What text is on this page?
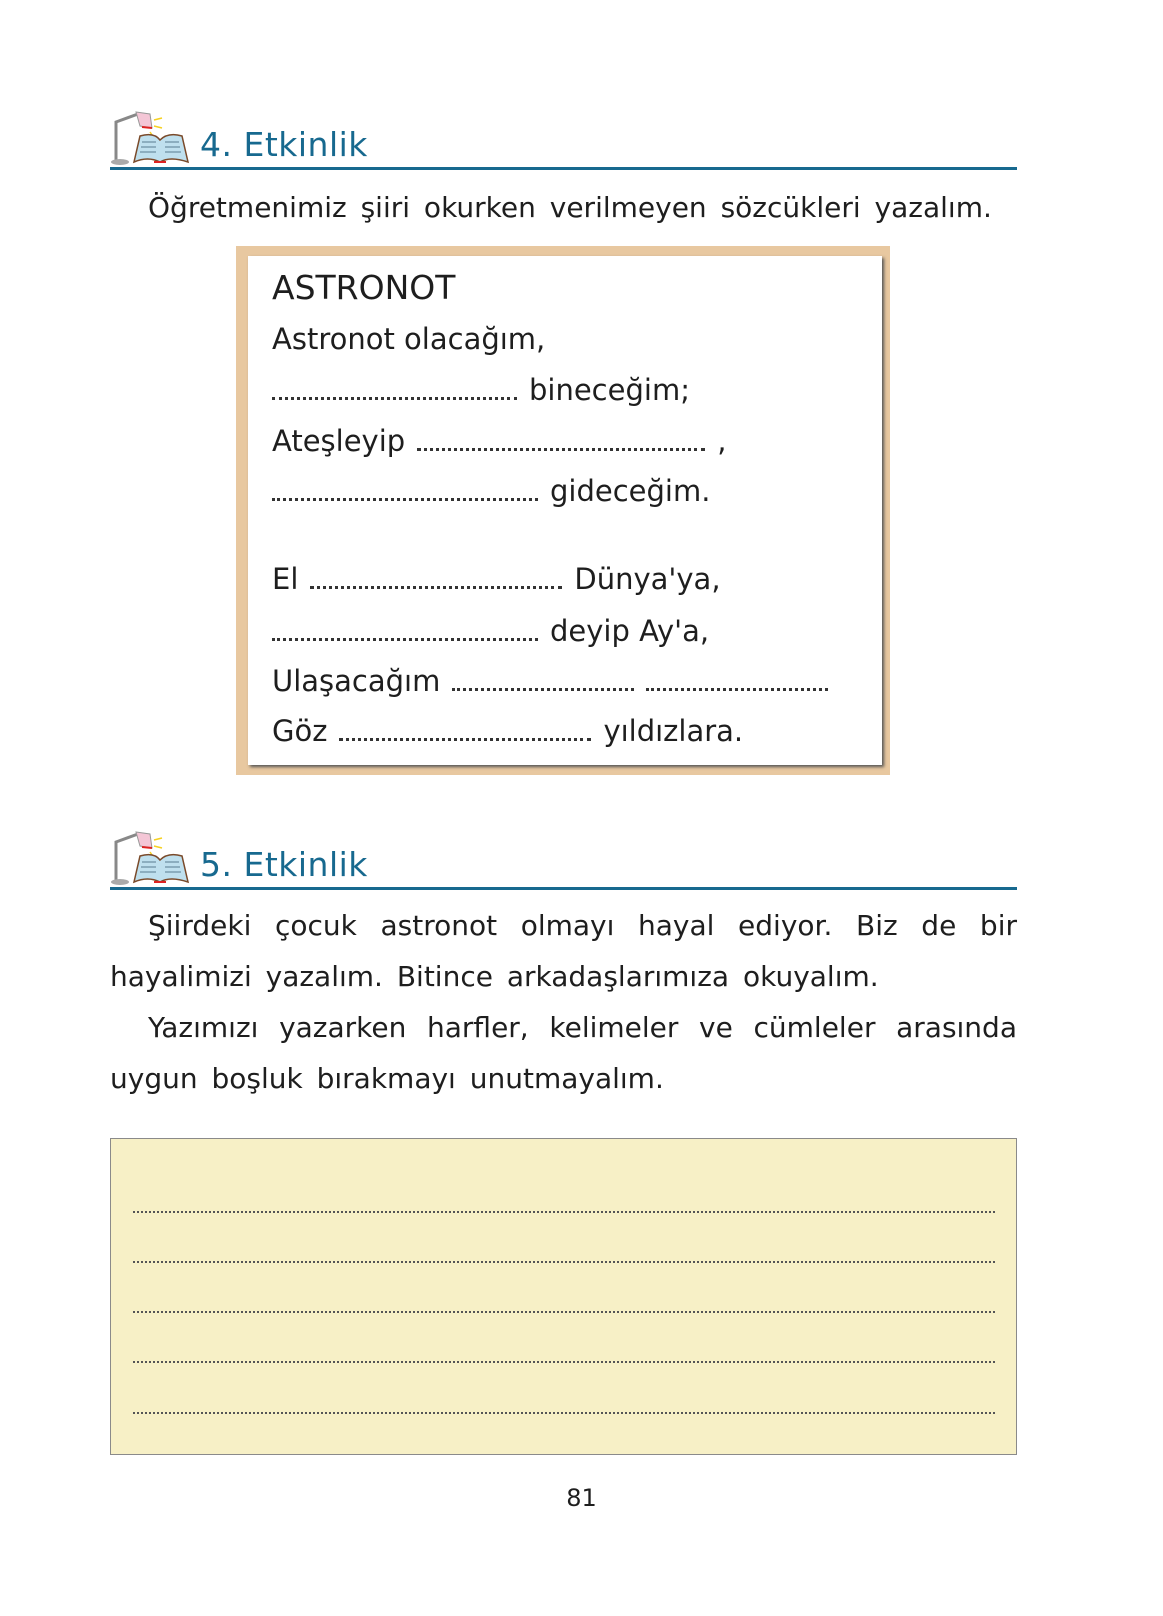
4. Etkinlik

Öğretmenimiz şiiri okurken verilmeyen sözcükleri yazalım.

ASTRONOT
Astronot olacağım,
bineceğim;
Ateşleyip	,
gideceğim.
El	Dünya'ya,
deyip Ay'a,
Ulaşacağım
Göz	yıldızlara.
5. Etkinlik

Şiirdeki çocuk astronot olmayı hayal ediyor. Biz de bir hayalimizi yazalım. Bitince arkadaşlarımıza okuyalım.

Yazımızı yazarken harfler, kelimeler ve cümleler arasında uygun boşluk bırakmayı unutmayalım.

81
